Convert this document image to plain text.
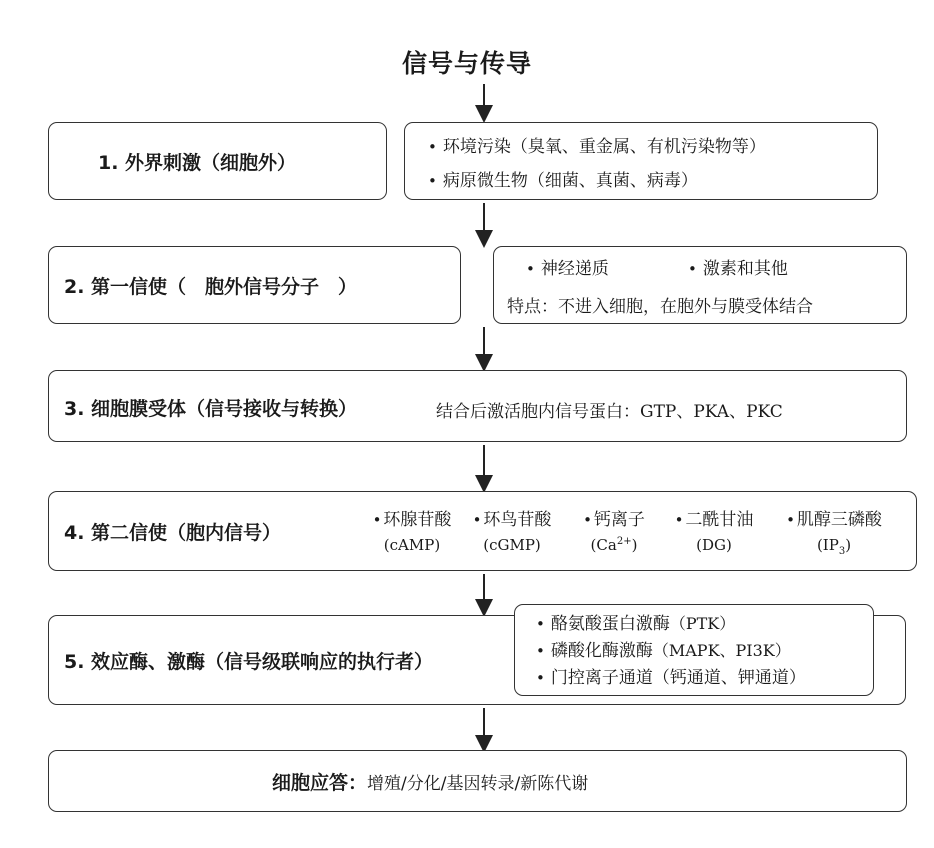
信号与传导
1. 外界刺激（细胞外）
• 环境污染（臭氧、重金属、有机污染物等）
• 病原微生物（细菌、真菌、病毒）
2. 第一信使（　胞外信号分子　）
• 神经递质	• 激素和其他
特点：不进入细胞，在胞外与膜受体结合
3. 细胞膜受体（信号接收与转换）	结合后激活胞内信号蛋白：GTP、PKA、PKC
4. 第二信使（胞内信号）
• 环腺苷酸
(cAMP)
• 环鸟苷酸
(cGMP)
• 钙离子
$(Ca^{2+})$
• 二酰甘油
(DG)
• 肌醇三磷酸
$(IP_3)$
5. 效应酶、激酶（信号级联响应的执行者）
• 酪氨酸蛋白激酶（PTK）
• 磷酸化酶激酶（MAPK、PI3K）
• 门控离子通道（钙通道、钾通道）
细胞应答：增殖/分化/基因转录/新陈代谢
